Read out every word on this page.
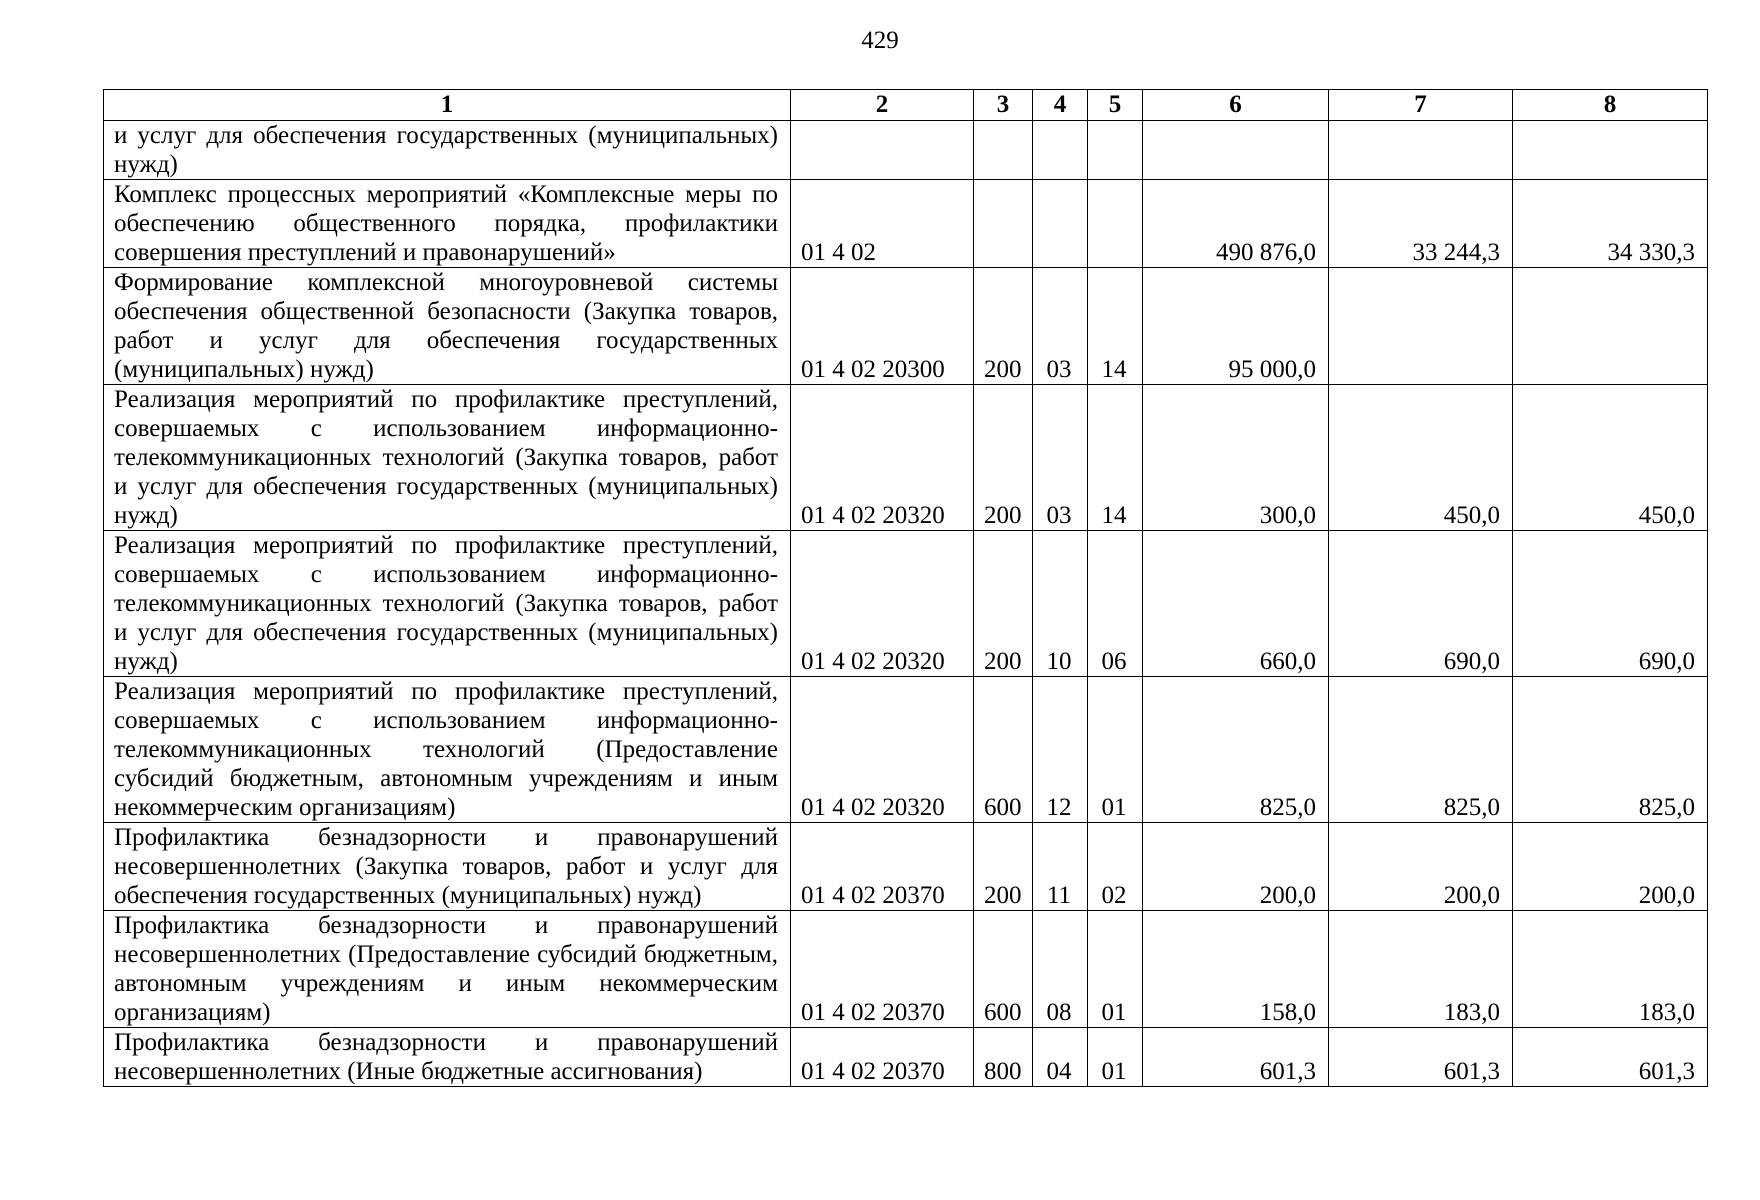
429
1	2	3	4	5	6	7	8
и услуг для обеспечения государственных (муниципальных) нужд)							
Комплекс процессных мероприятий «Комплексные меры по обеспечению общественного порядка, профилактики совершения преступлений и правонарушений»	01 4 02				490 876,0	33 244,3	34 330,3
Формирование комплексной многоуровневой системы обеспечения общественной безопасности (Закупка товаров, работ и услуг для обеспечения государственных (муниципальных) нужд)	01 4 02 20300	200	03	14	95 000,0		
Реализация мероприятий по профилактике преступлений, совершаемых с использованием информационно-телекоммуникационных технологий (Закупка товаров, работ и услуг для обеспечения государственных (муниципальных) нужд)	01 4 02 20320	200	03	14	300,0	450,0	450,0
Реализация мероприятий по профилактике преступлений, совершаемых с использованием информационно-телекоммуникационных технологий (Закупка товаров, работ и услуг для обеспечения государственных (муниципальных) нужд)	01 4 02 20320	200	10	06	660,0	690,0	690,0
Реализация мероприятий по профилактике преступлений, совершаемых с использованием информационно-телекоммуникационных технологий (Предоставление субсидий бюджетным, автономным учреждениям и иным некоммерческим организациям)	01 4 02 20320	600	12	01	825,0	825,0	825,0
Профилактика безнадзорности и правонарушений несовершеннолетних (Закупка товаров, работ и услуг для обеспечения государственных (муниципальных) нужд)	01 4 02 20370	200	11	02	200,0	200,0	200,0
Профилактика безнадзорности и правонарушений несовершеннолетних (Предоставление субсидий бюджетным, автономным учреждениям и иным некоммерческим организациям)	01 4 02 20370	600	08	01	158,0	183,0	183,0
Профилактика безнадзорности и правонарушений несовершеннолетних (Иные бюджетные ассигнования)	01 4 02 20370	800	04	01	601,3	601,3	601,3
